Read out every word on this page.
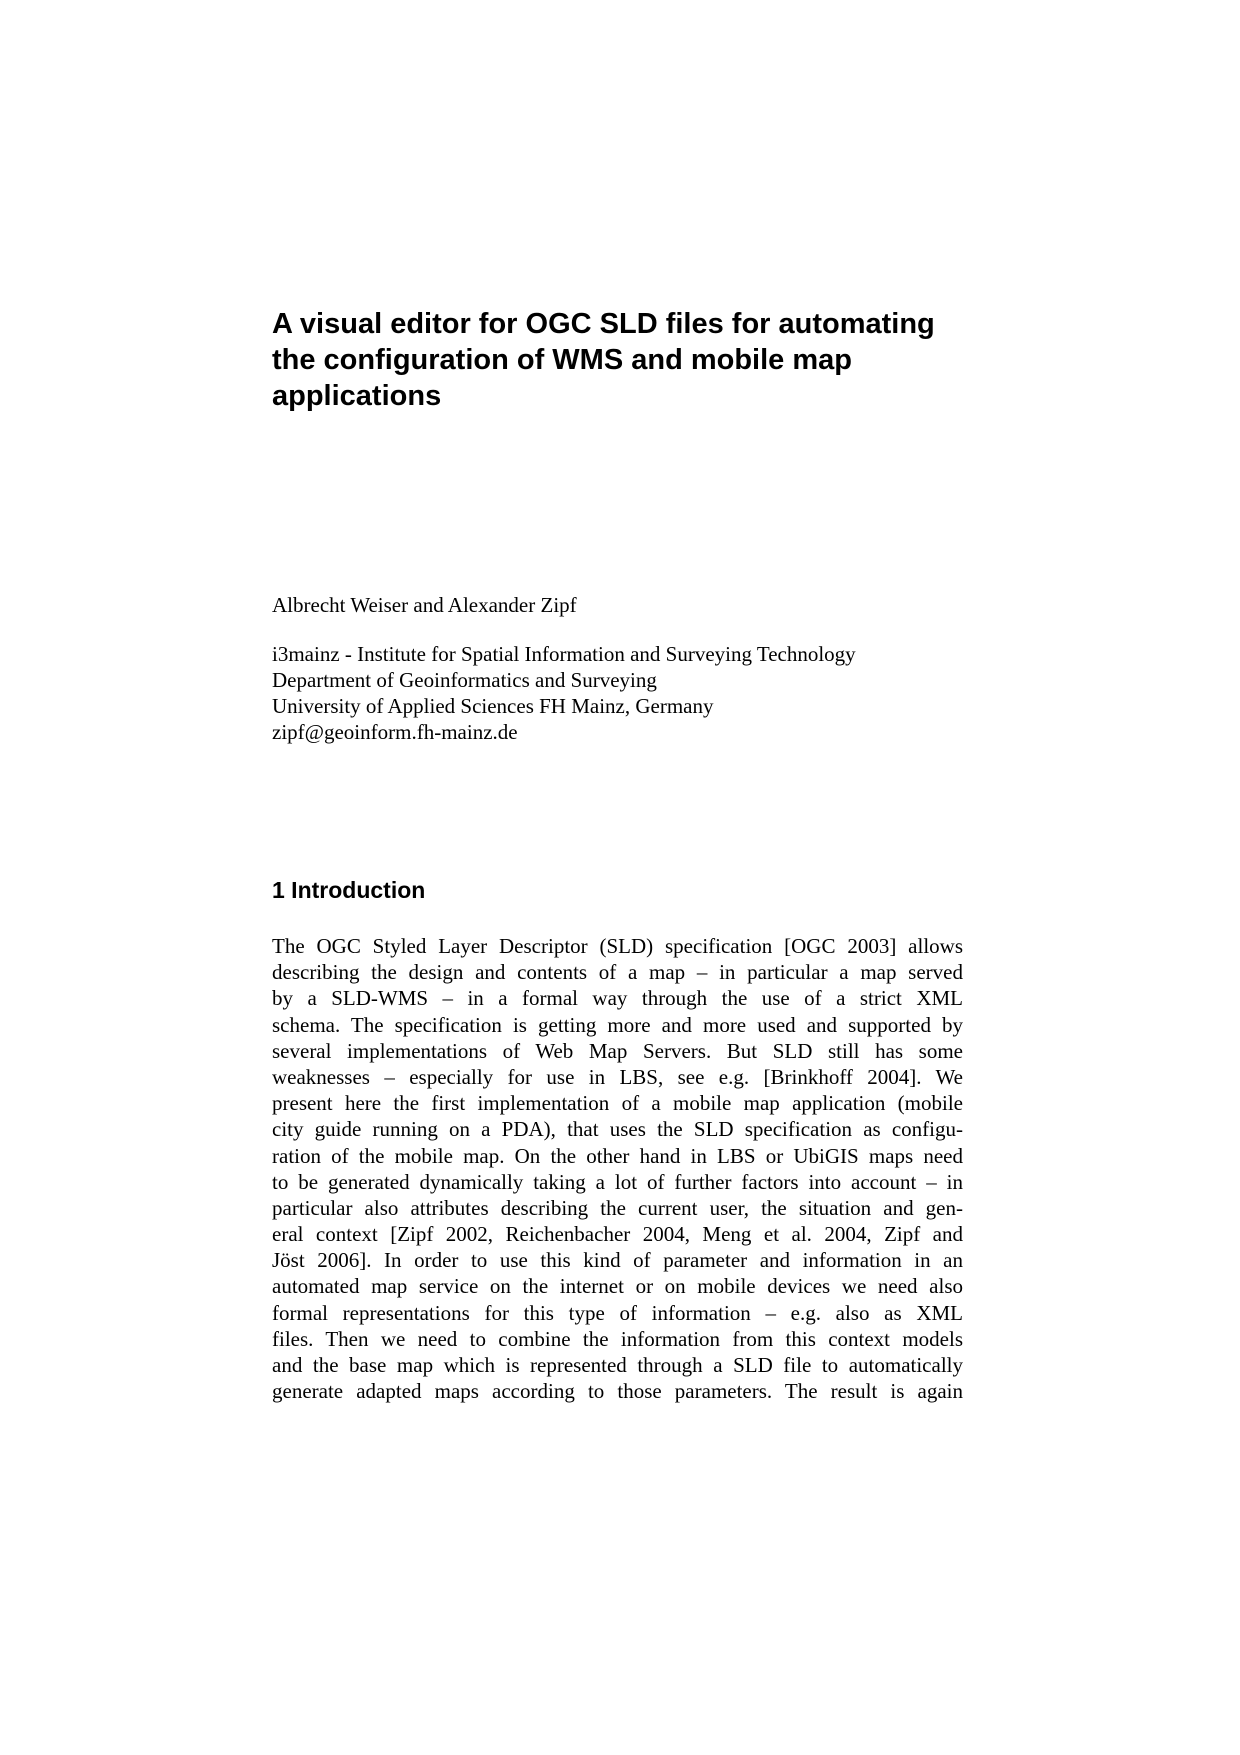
A visual editor for OGC SLD files for automating
the configuration of WMS and mobile map
applications

Albrecht Weiser and Alexander Zipf

i3mainz - Institute for Spatial Information and Surveying Technology
Department of Geoinformatics and Surveying
University of Applied Sciences FH Mainz, Germany
zipf@geoinform.fh-mainz.de
1 Introduction
The OGC Styled Layer Descriptor (SLD) specification [OGC 2003] allows
describing the design and contents of a map – in particular a map served
by a SLD-WMS – in a formal way through the use of a strict XML
schema. The specification is getting more and more used and supported by
several implementations of Web Map Servers. But SLD still has some
weaknesses – especially for use in LBS, see e.g. [Brinkhoff 2004]. We
present here the first implementation of a mobile map application (mobile
city guide running on a PDA), that uses the SLD specification as configu-
ration of the mobile map. On the other hand in LBS or UbiGIS maps need
to be generated dynamically taking a lot of further factors into account – in
particular also attributes describing the current user, the situation and gen-
eral context [Zipf 2002, Reichenbacher 2004, Meng et al. 2004, Zipf and
Jöst 2006]. In order to use this kind of parameter and information in an
automated map service on the internet or on mobile devices we need also
formal representations for this type of information – e.g. also as XML
files. Then we need to combine the information from this context models
and the base map which is represented through a SLD file to automatically
generate adapted maps according to those parameters. The result is again
